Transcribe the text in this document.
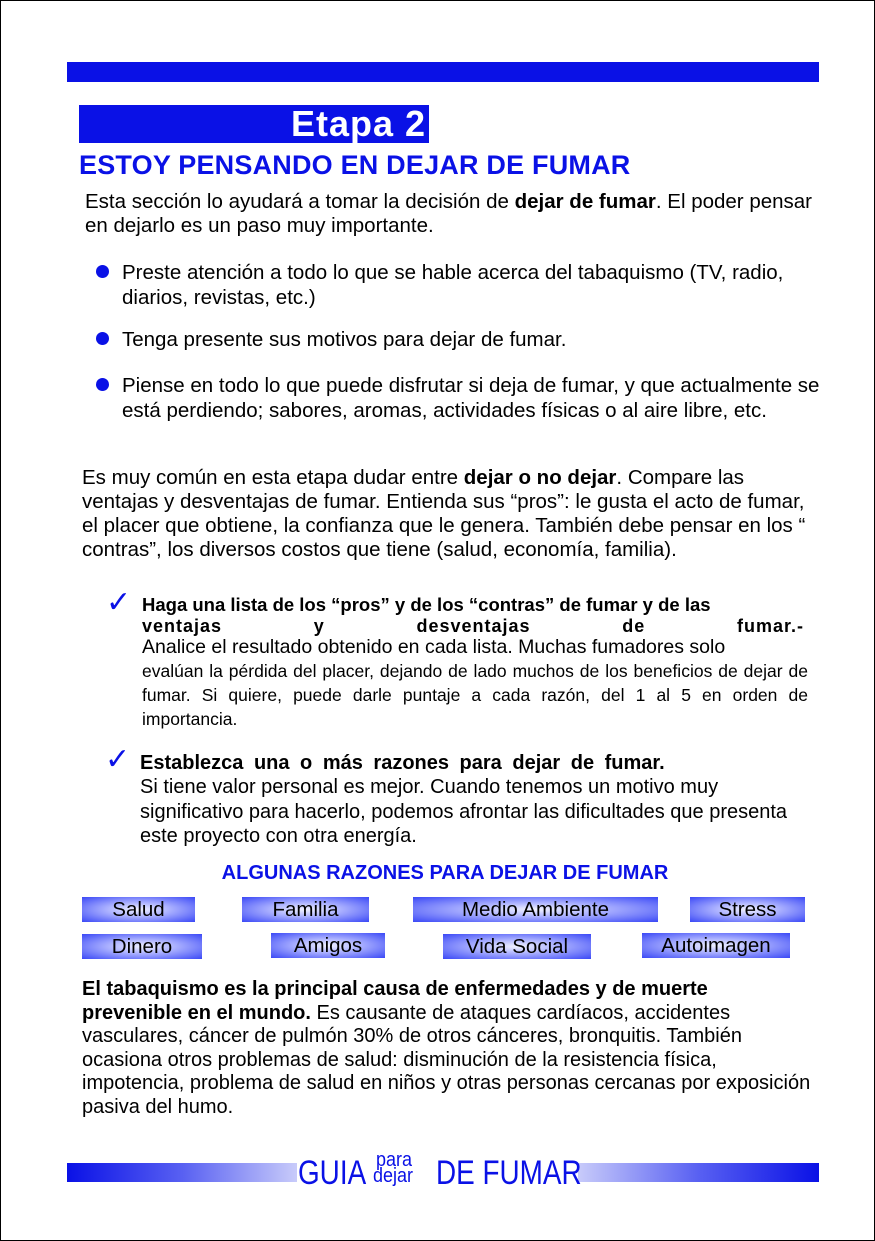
Etapa 2
ESTOY PENSANDO EN DEJAR DE FUMAR
Esta sección lo ayudará a tomar la decisión de dejar de fumar. El poder pensar en dejarlo es un paso muy importante.
Preste atención a todo lo que se hable acerca del tabaquismo (TV, radio, diarios, revistas, etc.)
Tenga presente sus motivos para dejar de fumar.
Piense en todo lo que puede disfrutar si deja de fumar, y que actualmente se está perdiendo; sabores, aromas, actividades físicas o al aire libre, etc.
Es muy común en esta etapa dudar entre dejar o no dejar. Compare las ventajas y desventajas de fumar. Entienda sus “pros”: le gusta el acto de fumar, el placer que obtiene, la confianza que le genera. También debe pensar en los “ contras”, los diversos costos que tiene (salud, economía, familia).
✓ Haga una lista de los “pros” y de los “contras” de fumar y de las
ventajas y desventajas de fumar.-
Analice el resultado obtenido en cada lista. Muchas fumadores solo
evalúan la pérdida del placer, dejando de lado muchos de los beneficios de dejar de fumar. Si quiere, puede darle puntaje a cada razón, del 1 al 5 en orden de importancia.
✓ Establezca una o más razones para dejar de fumar.
Si tiene valor personal es mejor. Cuando tenemos un motivo muy significativo para hacerlo, podemos afrontar las dificultades que presenta este proyecto con otra energía.
ALGUNAS RAZONES PARA DEJAR DE FUMAR
Salud	Familia	Medio Ambiente	Stress
Dinero	Amigos	Vida Social	Autoimagen
El tabaquismo es la principal causa de enfermedades y de muerte prevenible en el mundo. Es causante de ataques cardíacos, accidentes vasculares, cáncer de pulmón 30% de otros cánceres, bronquitis. También ocasiona otros problemas de salud: disminución de la resistencia física, impotencia, problema de salud en niños y otras personas cercanas por exposición pasiva del humo.
GUIA para
dejar DE FUMAR
